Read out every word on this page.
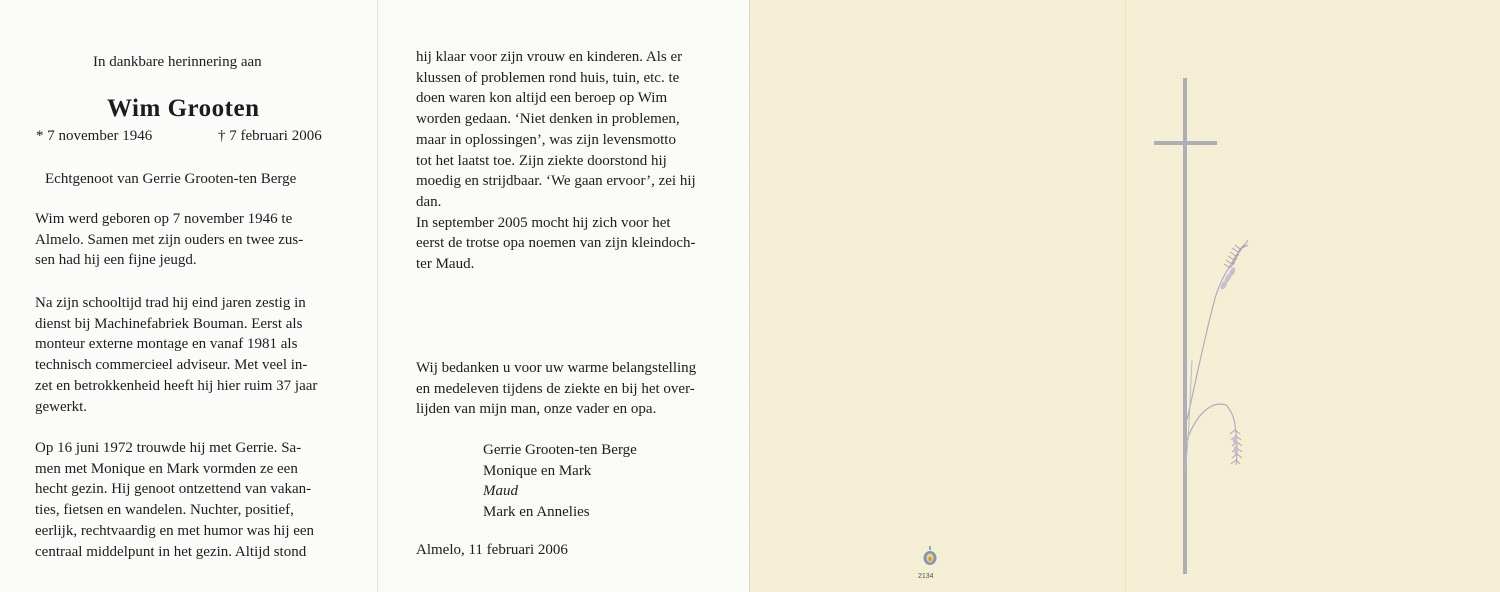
In dankbare herinnering aan
Wim Grooten
* 7 november 1946	† 7 februari 2006
Echtgenoot van Gerrie Grooten-ten Berge
Wim werd geboren op 7 november 1946 te
Almelo. Samen met zijn ouders en twee zus-
sen had hij een fijne jeugd.
Na zijn schooltijd trad hij eind jaren zestig in
dienst bij Machinefabriek Bouman. Eerst als
monteur externe montage en vanaf 1981 als
technisch commercieel adviseur. Met veel in-
zet en betrokkenheid heeft hij hier ruim 37 jaar
gewerkt.
Op 16 juni 1972 trouwde hij met Gerrie. Sa-
men met Monique en Mark vormden ze een
hecht gezin. Hij genoot ontzettend van vakan-
ties, fietsen en wandelen. Nuchter, positief,
eerlijk, rechtvaardig en met humor was hij een
centraal middelpunt in het gezin. Altijd stond
hij klaar voor zijn vrouw en kinderen. Als er
klussen of problemen rond huis, tuin, etc. te
doen waren kon altijd een beroep op Wim
worden gedaan. ‘Niet denken in problemen,
maar in oplossingen’, was zijn levensmotto
tot het laatst toe. Zijn ziekte doorstond hij
moedig en strijdbaar. ‘We gaan ervoor’, zei hij
dan.
In september 2005 mocht hij zich voor het
eerst de trotse opa noemen van zijn kleindoch-
ter Maud.
Wij bedanken u voor uw warme belangstelling
en medeleven tijdens de ziekte en bij het over-
lijden van mijn man, onze vader en opa.
Gerrie Grooten-ten Berge
Monique en Mark
Maud
Mark en Annelies
Almelo, 11 februari 2006
2134
